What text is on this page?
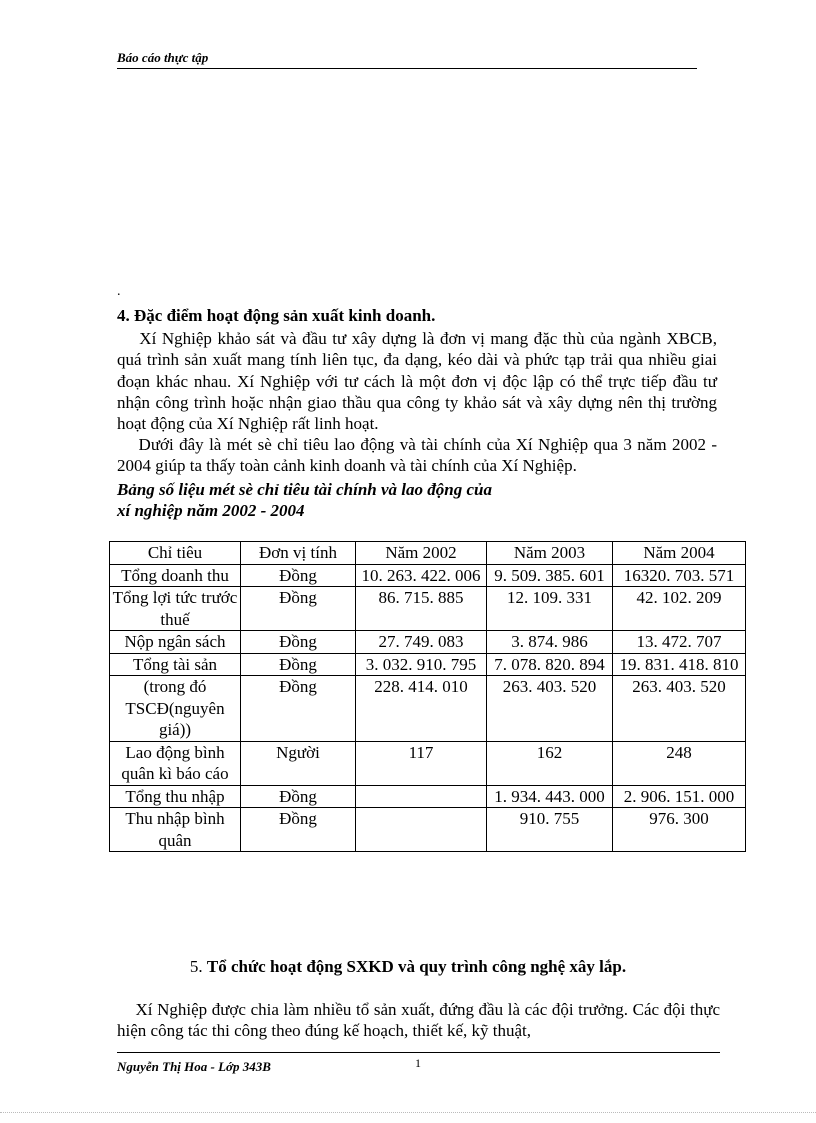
Báo cáo thực tập
.
4. Đặc điểm hoạt động sản xuất kinh doanh.
Xí Nghiệp khảo sát và đầu tư xây dựng là đơn vị mang đặc thù của ngành XBCB, quá trình sản xuất mang tính liên tục, đa dạng, kéo dài và phức tạp trải qua nhiều giai đoạn khác nhau. Xí Nghiệp với tư cách là một đơn vị độc lập có thể trực tiếp đầu tư nhận công trình hoặc nhận giao thầu qua công ty khảo sát và xây dựng nên thị trường hoạt động của Xí Nghiệp rất linh hoạt.
Dưới đây là mét sè chỉ tiêu lao động và tài chính của Xí Nghiệp qua 3 năm 2002 - 2004 giúp ta thấy toàn cảnh kinh doanh và tài chính của Xí Nghiệp.
Bảng số liệu mét sè chỉ tiêu tài chính và lao động của
xí nghiệp năm 2002 - 2004
Chỉ tiêu	Đơn vị tính	Năm 2002	Năm 2003	Năm 2004
Tổng doanh thu	Đồng	10. 263. 422. 006	9. 509. 385. 601	16320. 703. 571
Tổng lợi tức trước thuế	Đồng	86. 715. 885	12. 109. 331	42. 102. 209
Nộp ngân sách	Đồng	27. 749. 083	3. 874. 986	13. 472. 707
Tổng tài sản	Đồng	3. 032. 910. 795	7. 078. 820. 894	19. 831. 418. 810
(trong đó TSCĐ(nguyên giá))	Đồng	228. 414. 010	263. 403. 520	263. 403. 520
Lao động bình quân kì báo cáo	Người	117	162	248
Tổng thu nhập	Đồng		1. 934. 443. 000	2. 906. 151. 000
Thu nhập bình quân	Đồng		910. 755	976. 300
5. Tổ chức hoạt động SXKD và quy trình công nghệ xây lắp.
Xí Nghiệp được chia làm nhiều tổ sản xuất, đứng đầu là các đội trưởng. Các đội thực hiện công tác thi công theo đúng kế hoạch, thiết kế, kỹ thuật,
Nguyễn Thị Hoa - Lớp 343B	1
